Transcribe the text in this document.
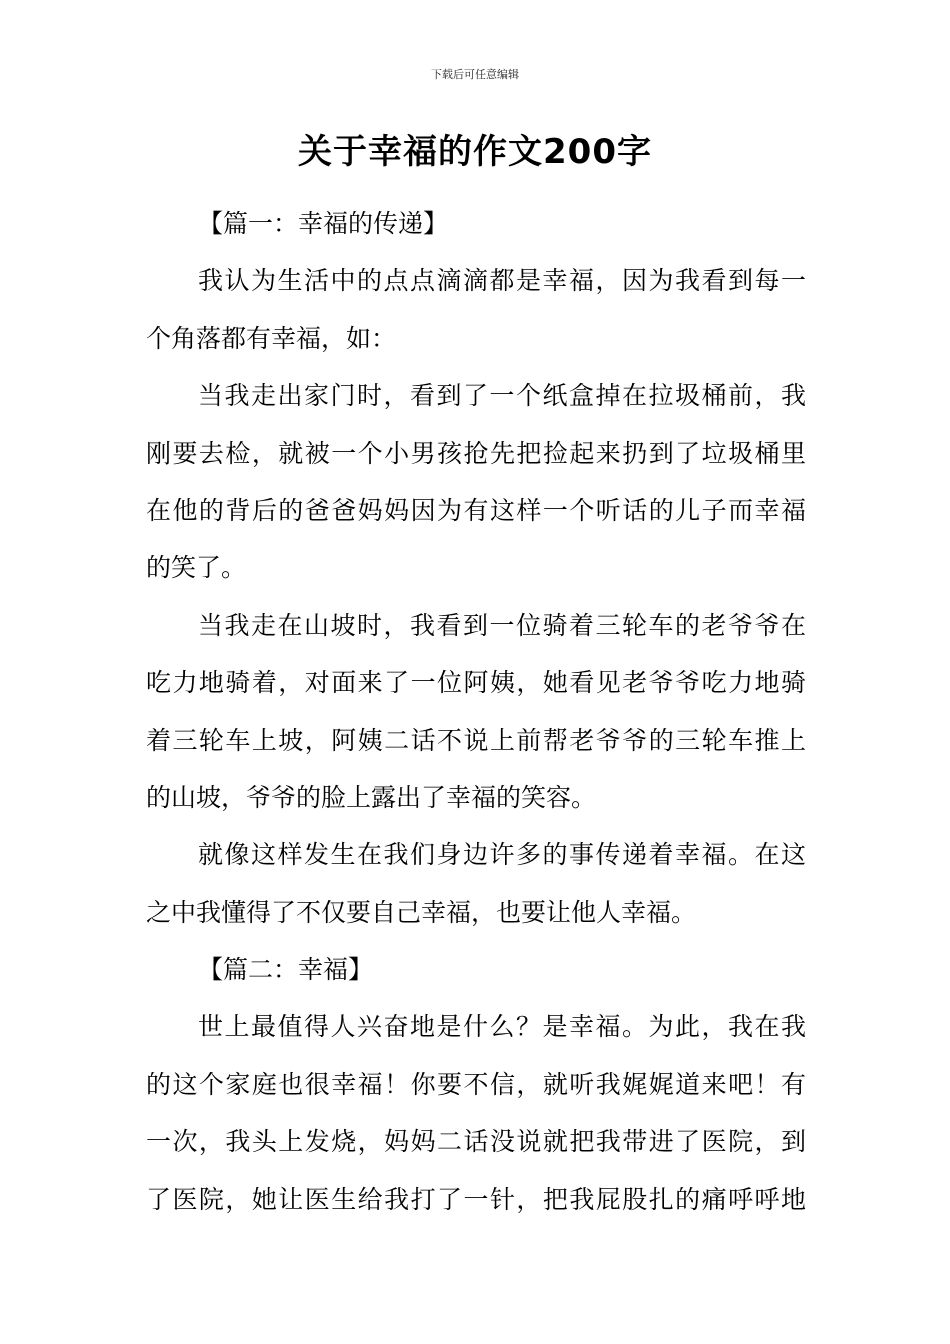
下载后可任意编辑
关于幸福的作文200字
【篇一：幸福的传递】
我认为生活中的点点滴滴都是幸福，因为我看到每一
个角落都有幸福，如：
当我走出家门时，看到了一个纸盒掉在拉圾桶前，我
刚要去检，就被一个小男孩抢先把捡起来扔到了垃圾桶里
在他的背后的爸爸妈妈因为有这样一个听话的儿子而幸福
的笑了。
当我走在山坡时，我看到一位骑着三轮车的老爷爷在
吃力地骑着，对面来了一位阿姨，她看见老爷爷吃力地骑
着三轮车上坡，阿姨二话不说上前帮老爷爷的三轮车推上
的山坡，爷爷的脸上露出了幸福的笑容。
就像这样发生在我们身边许多的事传递着幸福。在这
之中我懂得了不仅要自己幸福，也要让他人幸福。
【篇二：幸福】
世上最值得人兴奋地是什么？是幸福。为此，我在我
的这个家庭也很幸福！你要不信，就听我娓娓道来吧！有
一次，我头上发烧，妈妈二话没说就把我带进了医院，到
了医院，她让医生给我打了一针，把我屁股扎的痛呼呼地
